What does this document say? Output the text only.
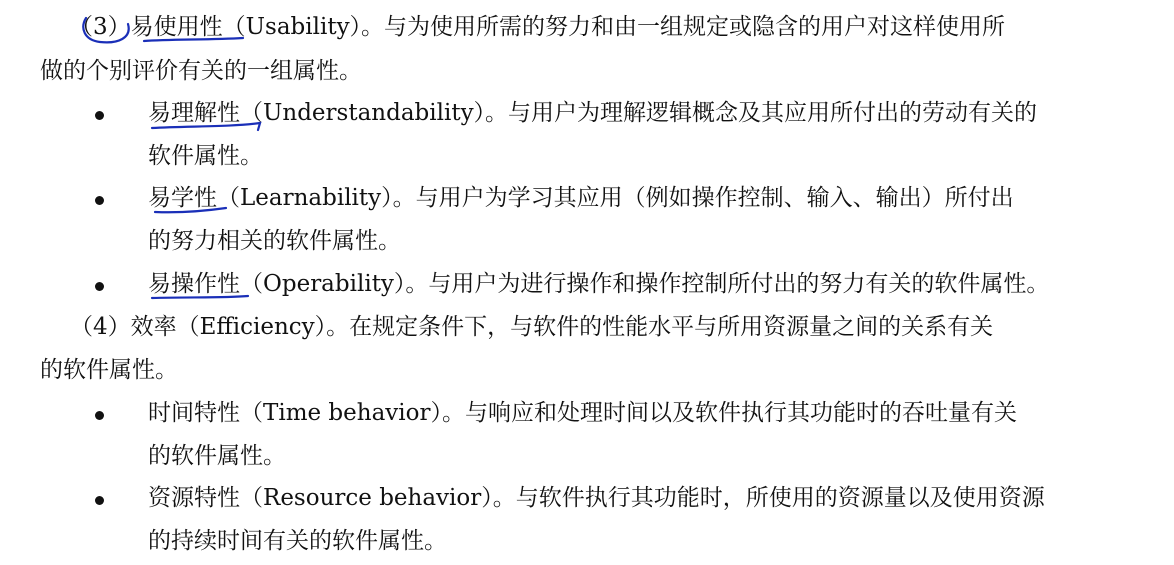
（3）易使用性（Usability）。与为使用所需的努力和由一组规定或隐含的用户对这样使用所
做的个别评价有关的一组属性。
易理解性（Understandability）。与用户为理解逻辑概念及其应用所付出的劳动有关的
软件属性。
易学性（Learnability）。与用户为学习其应用（例如操作控制、输入、输出）所付出
的努力相关的软件属性。
易操作性（Operability）。与用户为进行操作和操作控制所付出的努力有关的软件属性。
（4）效率（Efficiency）。在规定条件下，与软件的性能水平与所用资源量之间的关系有关
的软件属性。
时间特性（Time behavior）。与响应和处理时间以及软件执行其功能时的吞吐量有关
的软件属性。
资源特性（Resource behavior）。与软件执行其功能时，所使用的资源量以及使用资源
的持续时间有关的软件属性。
